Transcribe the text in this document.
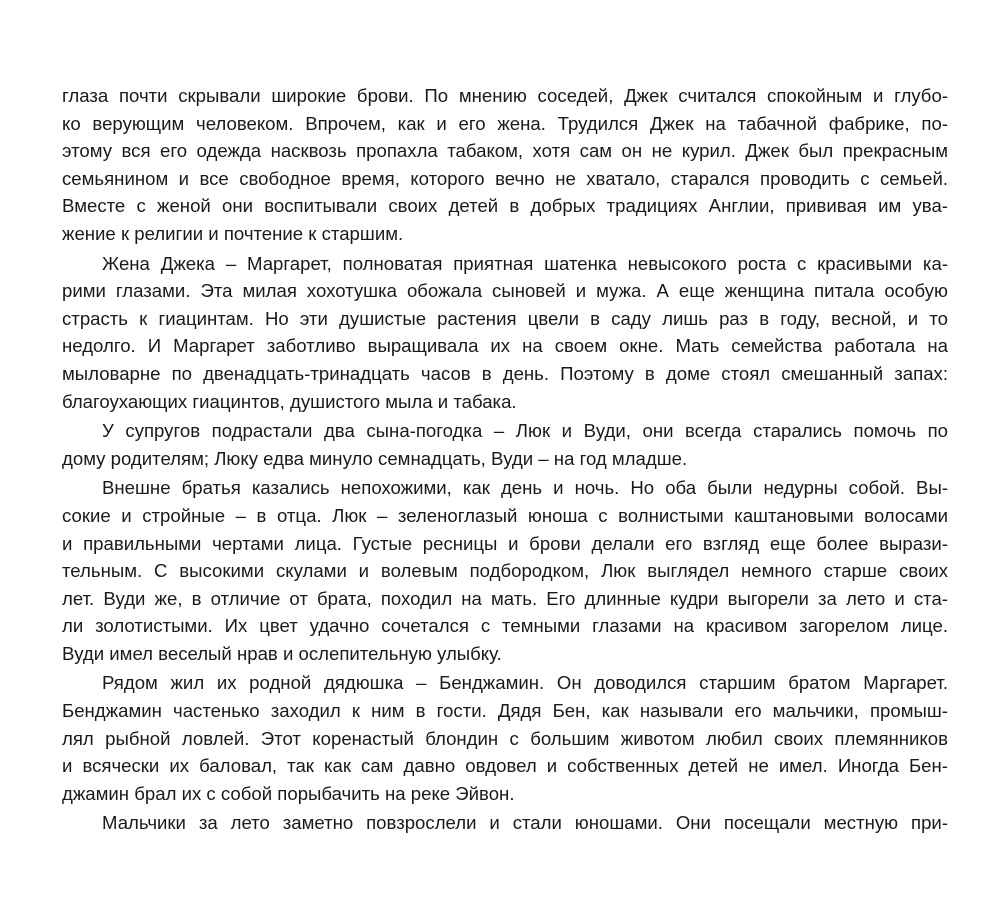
глаза почти скрывали широкие брови. По мнению соседей, Джек считался спокойным и глубо-
ко верующим человеком. Впрочем, как и его жена. Трудился Джек на табачной фабрике, по-
этому вся его одежда насквозь пропахла табаком, хотя сам он не курил. Джек был прекрасным
семьянином и все свободное время, которого вечно не хватало, старался проводить с семьей.
Вместе с женой они воспитывали своих детей в добрых традициях Англии, прививая им ува-
жение к религии и почтение к старшим.
Жена Джека – Маргарет, полноватая приятная шатенка невысокого роста с красивыми ка-
рими глазами. Эта милая хохотушка обожала сыновей и мужа. А еще женщина питала особую
страсть к гиацинтам. Но эти душистые растения цвели в саду лишь раз в году, весной, и то
недолго. И Маргарет заботливо выращивала их на своем окне. Мать семейства работала на
мыловарне по двенадцать-тринадцать часов в день. Поэтому в доме стоял смешанный запах:
благоухающих гиацинтов, душистого мыла и табака.
У супругов подрастали два сына-погодка – Люк и Вуди, они всегда старались помочь по
дому родителям; Люку едва минуло семнадцать, Вуди – на год младше.
Внешне братья казались непохожими, как день и ночь. Но оба были недурны собой. Вы-
сокие и стройные – в отца. Люк – зеленоглазый юноша с волнистыми каштановыми волосами
и правильными чертами лица. Густые ресницы и брови делали его взгляд еще более вырази-
тельным. С высокими скулами и волевым подбородком, Люк выглядел немного старше своих
лет. Вуди же, в отличие от брата, походил на мать. Его длинные кудри выгорели за лето и ста-
ли золотистыми. Их цвет удачно сочетался с темными глазами на красивом загорелом лице.
Вуди имел веселый нрав и ослепительную улыбку.
Рядом жил их родной дядюшка – Бенджамин. Он доводился старшим братом Маргарет.
Бенджамин частенько заходил к ним в гости. Дядя Бен, как называли его мальчики, промыш-
лял рыбной ловлей. Этот коренастый блондин с большим животом любил своих племянников
и всячески их баловал, так как сам давно овдовел и собственных детей не имел. Иногда Бен-
джамин брал их с собой порыбачить на реке Эйвон.
Мальчики за лето заметно повзрослели и стали юношами. Они посещали местную при-
